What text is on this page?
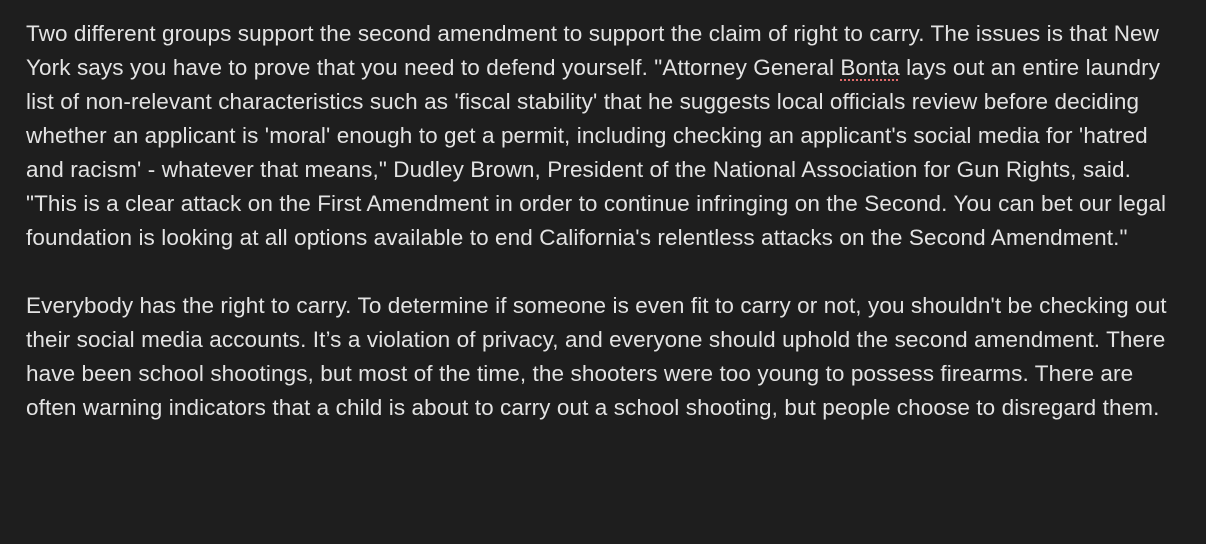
Two different groups support the second amendment to support the claim of right to carry. The issues is that New York says you have to prove that you need to defend yourself. "Attorney General Bonta lays out an entire laundry list of non-relevant characteristics such as 'fiscal stability' that he suggests local officials review before deciding whether an applicant is 'moral' enough to get a permit, including checking an applicant's social media for 'hatred and racism' - whatever that means," Dudley Brown, President of the National Association for Gun Rights, said. "This is a clear attack on the First Amendment in order to continue infringing on the Second. You can bet our legal foundation is looking at all options available to end California's relentless attacks on the Second Amendment."

Everybody has the right to carry. To determine if someone is even fit to carry or not, you shouldn't be checking out their social media accounts. It’s a violation of privacy, and everyone should uphold the second amendment. There have been school shootings, but most of the time, the shooters were too young to possess firearms. There are often warning indicators that a child is about to carry out a school shooting, but people choose to disregard them.
